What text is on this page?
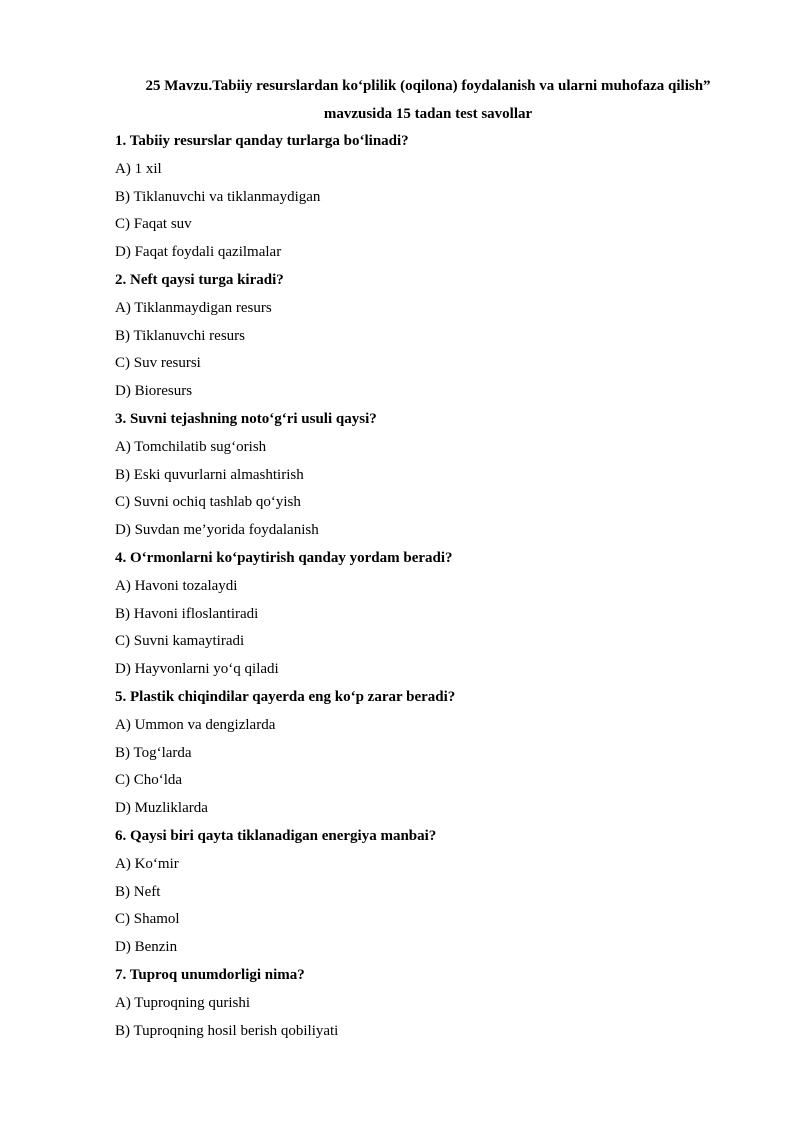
25 Mavzu.Tabiiy resurslardan ko‘plilik (oqilona) foydalanish va ularni muhofaza qilish”
mavzusida 15 tadan test savollar
1. Tabiiy resurslar qanday turlarga bo‘linadi?
A) 1 xil
B) Tiklanuvchi va tiklanmaydigan
C) Faqat suv
D) Faqat foydali qazilmalar
2. Neft qaysi turga kiradi?
A) Tiklanmaydigan resurs
B) Tiklanuvchi resurs
C) Suv resursi
D) Bioresurs
3. Suvni tejashning noto‘g‘ri usuli qaysi?
A) Tomchilatib sug‘orish
B) Eski quvurlarni almashtirish
C) Suvni ochiq tashlab qo‘yish
D) Suvdan me’yorida foydalanish
4. O‘rmonlarni ko‘paytirish qanday yordam beradi?
A) Havoni tozalaydi
B) Havoni ifloslantiradi
C) Suvni kamaytiradi
D) Hayvonlarni yo‘q qiladi
5. Plastik chiqindilar qayerda eng ko‘p zarar beradi?
A) Ummon va dengizlarda
B) Tog‘larda
C) Cho‘lda
D) Muzliklarda
6. Qaysi biri qayta tiklanadigan energiya manbai?
A) Ko‘mir
B) Neft
C) Shamol
D) Benzin
7. Tuproq unumdorligi nima?
A) Tuproqning qurishi
B) Tuproqning hosil berish qobiliyati
